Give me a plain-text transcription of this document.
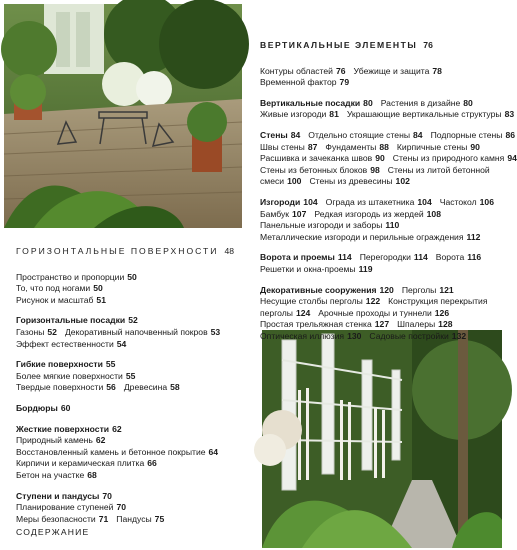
ВЕРТИКАЛЬНЫЕ ЭЛЕМЕНТЫ 76
Контуры областей 76 Убежище и защита 78
Временной фактор 79
Вертикальные посадки 80 Растения в дизайне 80
Живые изгороди 81 Украшающие вертикальные структуры 83
Стены 84 Отдельно стоящие стены 84 Подпорные стены 86
Швы стены 87 Фундаменты 88 Кирпичные стены 90
Расшивка и зачеканка швов 90 Стены из природного камня 94
Стены из бетонных блоков 98 Стены из литой бетонной
смеси 100 Стены из древесины 102
Изгороди 104 Ограда из штакетника 104 Частокол 106
Бамбук 107 Редкая изгородь из жердей 108
Панельные изгороди и заборы 110
Металлические изгороди и перильные ограждения 112
Ворота и проемы 114 Перегородки 114 Ворота 116
Решетки и окна-проемы 119
Декоративные сооружения 120 Перголы 121
Несущие столбы перголы 122 Конструкция перекрытия
перголы 124 Арочные проходы и туннели 126
Простая трельяжная стенка 127 Шпалеры 128
Оптическая иллюзия 130 Садовые постройки 132
ГОРИЗОНТАЛЬНЫЕ ПОВЕРХНОСТИ 48
Пространство и пропорции 50
То, что под ногами 50
Рисунок и масштаб 51
Горизонтальные посадки 52
Газоны 52 Декоративный напочвенный покров 53
Эффект естественности 54
Гибкие поверхности 55
Более мягкие поверхности 55
Твердые поверхности 56 Древесина 58
Бордюры 60
Жесткие поверхности 62
Природный камень 62
Восстановленный камень и бетонное покрытие 64
Кирпичи и керамическая плитка 66
Бетон на участке 68
Ступени и пандусы 70
Планирование ступеней 70
Меры безопасности 71 Пандусы 75
СОДЕРЖАНИЕ
